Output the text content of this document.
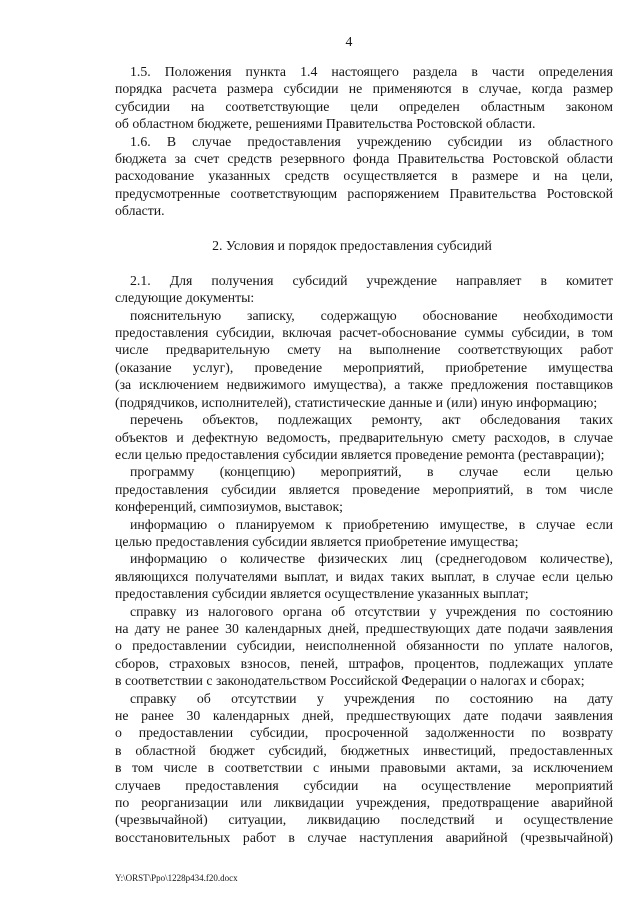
4
1.5. Положения пункта 1.4 настоящего раздела в части определения
порядка расчета размера субсидии не применяются в случае, когда размер
субсидии на соответствующие цели определен областным законом
об областном бюджете, решениями Правительства Ростовской области.
1.6. В случае предоставления учреждению субсидии из областного
бюджета за счет средств резервного фонда Правительства Ростовской области
расходование указанных средств осуществляется в размере и на цели,
предусмотренные соответствующим распоряжением Правительства Ростовской
области.
2. Условия и порядок предоставления субсидий
2.1. Для получения субсидий учреждение направляет в комитет
следующие документы:
пояснительную записку, содержащую обоснование необходимости
предоставления субсидии, включая расчет-обоснование суммы субсидии, в том
числе предварительную смету на выполнение соответствующих работ
(оказание услуг), проведение мероприятий, приобретение имущества
(за исключением недвижимого имущества), а также предложения поставщиков
(подрядчиков, исполнителей), статистические данные и (или) иную информацию;
перечень объектов, подлежащих ремонту, акт обследования таких
объектов и дефектную ведомость, предварительную смету расходов, в случае
если целью предоставления субсидии является проведение ремонта (реставрации);
программу (концепцию) мероприятий, в случае если целью
предоставления субсидии является проведение мероприятий, в том числе
конференций, симпозиумов, выставок;
информацию о планируемом к приобретению имуществе, в случае если
целью предоставления субсидии является приобретение имущества;
информацию о количестве физических лиц (среднегодовом количестве),
являющихся получателями выплат, и видах таких выплат, в случае если целью
предоставления субсидии является осуществление указанных выплат;
справку из налогового органа об отсутствии у учреждения по состоянию
на дату не ранее 30 календарных дней, предшествующих дате подачи заявления
о предоставлении субсидии, неисполненной обязанности по уплате налогов,
сборов, страховых взносов, пеней, штрафов, процентов, подлежащих уплате
в соответствии с законодательством Российской Федерации о налогах и сборах;
справку об отсутствии у учреждения по состоянию на дату
не ранее 30 календарных дней, предшествующих дате подачи заявления
о предоставлении субсидии, просроченной задолженности по возврату
в областной бюджет субсидий, бюджетных инвестиций, предоставленных
в том числе в соответствии с иными правовыми актами, за исключением
случаев предоставления субсидии на осуществление мероприятий
по реорганизации или ликвидации учреждения, предотвращение аварийной
(чрезвычайной) ситуации, ликвидацию последствий и осуществление
восстановительных работ в случае наступления аварийной (чрезвычайной)
Y:\ORST\Ppo\1228p434.f20.docx
